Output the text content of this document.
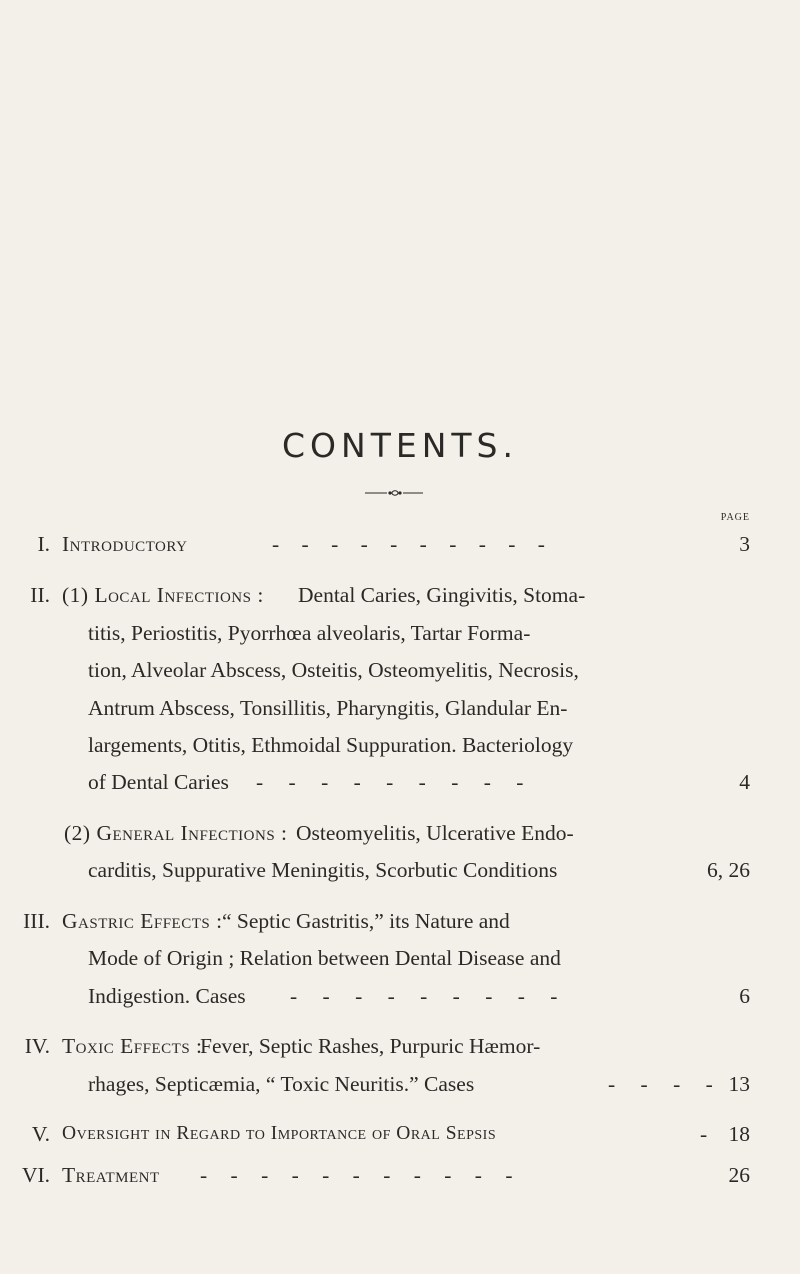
CONTENTS.
PAGE
I. Introductory	- - - - - - - - - -	3
II. (1) Local Infections : Dental Caries, Gingivitis, Stoma-
titis, Periostitis, Pyorrhœa alveolaris, Tartar Forma-
tion, Alveolar Abscess, Osteitis, Osteomyelitis, Necrosis,
Antrum Abscess, Tonsillitis, Pharyngitis, Glandular En-
largements, Otitis, Ethmoidal Suppuration. Bacteriology
of Dental Caries - - - - - - - - -	4
(2) General Infections : Osteomyelitis, Ulcerative Endo-
carditis, Suppurative Meningitis, Scorbutic Conditions	6, 26
III. Gastric Effects : “ Septic Gastritis,” its Nature and
Mode of Origin ; Relation between Dental Disease and
Indigestion. Cases - - - - - - - - -	6
IV. Toxic Effects :
Fever, Septic Rashes, Purpuric Hæmor-
rhages, Septicæmia, “ Toxic Neuritis.” Cases	- - - - 13
V. Oversight in Regard to Importance of Oral Sepsis	- 18
VI. Treatment - - - - - - - - - - -	26
